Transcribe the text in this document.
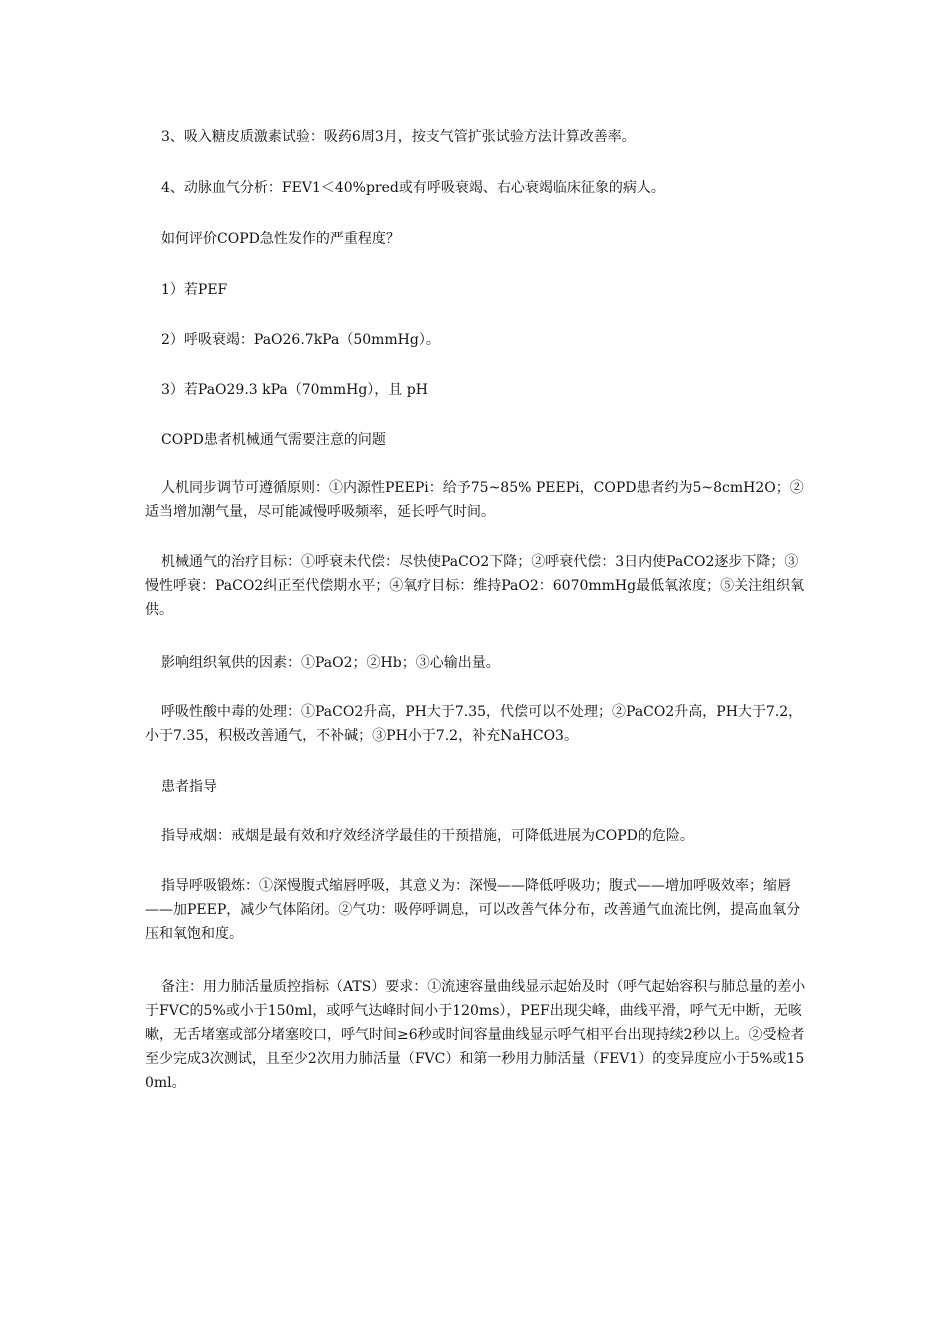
3、吸入糖皮质激素试验：吸药6周3月，按支气管扩张试验方法计算改善率。

4、动脉血气分析：FEV1＜40%pred或有呼吸衰竭、右心衰竭临床征象的病人。

如何评价COPD急性发作的严重程度？

1）若PEF

2）呼吸衰竭：PaO26.7kPa（50mmHg）。

3）若PaO29.3 kPa（70mmHg），且 pH

COPD患者机械通气需要注意的问题

人机同步调节可遵循原则：①内源性PEEPi：给予75~85% PEEPi，COPD患者约为5~8cmH2O；②适当增加潮气量，尽可能减慢呼吸频率，延长呼气时间。

机械通气的治疗目标：①呼衰未代偿：尽快使PaCO2下降；②呼衰代偿：3日内使PaCO2逐步下降；③慢性呼衰：PaCO2纠正至代偿期水平；④氧疗目标：维持PaO2：6070mmHg最低氧浓度；⑤关注组织氧供。

影响组织氧供的因素：①PaO2；②Hb；③心输出量。

呼吸性酸中毒的处理：①PaCO2升高，PH大于7.35，代偿可以不处理；②PaCO2升高，PH大于7.2，小于7.35，积极改善通气，不补碱；③PH小于7.2，补充NaHCO3。

患者指导

指导戒烟：戒烟是最有效和疗效经济学最佳的干预措施，可降低进展为COPD的危险。

指导呼吸锻炼：①深慢腹式缩唇呼吸，其意义为：深慢——降低呼吸功；腹式——增加呼吸效率；缩唇——加PEEP，减少气体陷闭。②气功：吸停呼调息，可以改善气体分布，改善通气血流比例，提高血氧分压和氧饱和度。

备注：用力肺活量质控指标（ATS）要求：①流速容量曲线显示起始及时（呼气起始容积与肺总量的差小于FVC的5%或小于150ml，或呼气达峰时间小于120ms），PEF出现尖峰，曲线平滑，呼气无中断，无咳嗽，无舌堵塞或部分堵塞咬口，呼气时间≥6秒或时间容量曲线显示呼气相平台出现持续2秒以上。②受检者至少完成3次测试，且至少2次用力肺活量（FVC）和第一秒用力肺活量（FEV1）的变异度应小于5%或150ml。
